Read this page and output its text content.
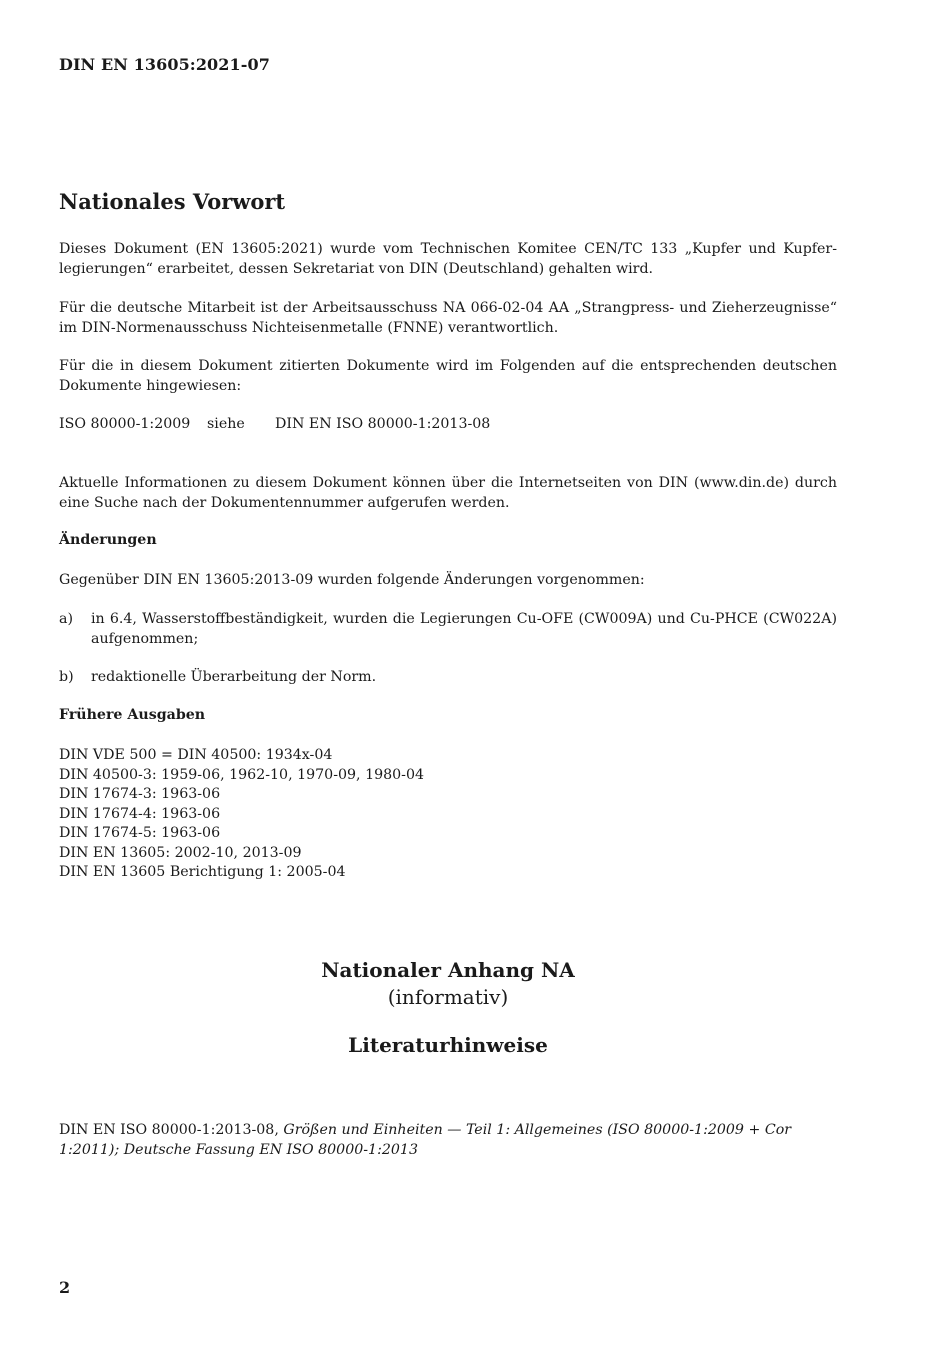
DIN EN 13605:2021-07
Nationales Vorwort
Dieses Dokument (EN 13605:2021) wurde vom Technischen Komitee CEN/TC 133 „Kupfer und Kupferlegierungen“ erarbeitet, dessen Sekretariat von DIN (Deutschland) gehalten wird.
Für die deutsche Mitarbeit ist der Arbeitsausschuss NA 066-02-04 AA „Strangpress- und Zieherzeugnisse“ im DIN-Normenausschuss Nichteisenmetalle (FNNE) verantwortlich.
Für die in diesem Dokument zitierten Dokumente wird im Folgenden auf die entsprechenden deutschen Dokumente hingewiesen:
ISO 80000-1:2009	siehe	DIN EN ISO 80000-1:2013-08
Aktuelle Informationen zu diesem Dokument können über die Internetseiten von DIN (www.din.de) durch eine Suche nach der Dokumentennummer aufgerufen werden.
Änderungen
Gegenüber DIN EN 13605:2013-09 wurden folgende Änderungen vorgenommen:
a)	in 6.4, Wasserstoffbeständigkeit, wurden die Legierungen Cu-OFE (CW009A) und Cu-PHCE (CW022A) aufgenommen;
b)	redaktionelle Überarbeitung der Norm.
Frühere Ausgaben
DIN VDE 500 = DIN 40500: 1934x-04
DIN 40500-3: 1959-06, 1962-10, 1970-09, 1980-04
DIN 17674-3: 1963-06
DIN 17674-4: 1963-06
DIN 17674-5: 1963-06
DIN EN 13605: 2002-10, 2013-09
DIN EN 13605 Berichtigung 1: 2005-04
Nationaler Anhang NA
(informativ)
Literaturhinweise
DIN EN ISO 80000-1:2013-08, Größen und Einheiten — Teil 1: Allgemeines (ISO 80000-1:2009 + Cor 1:2011); Deutsche Fassung EN ISO 80000-1:2013
2
